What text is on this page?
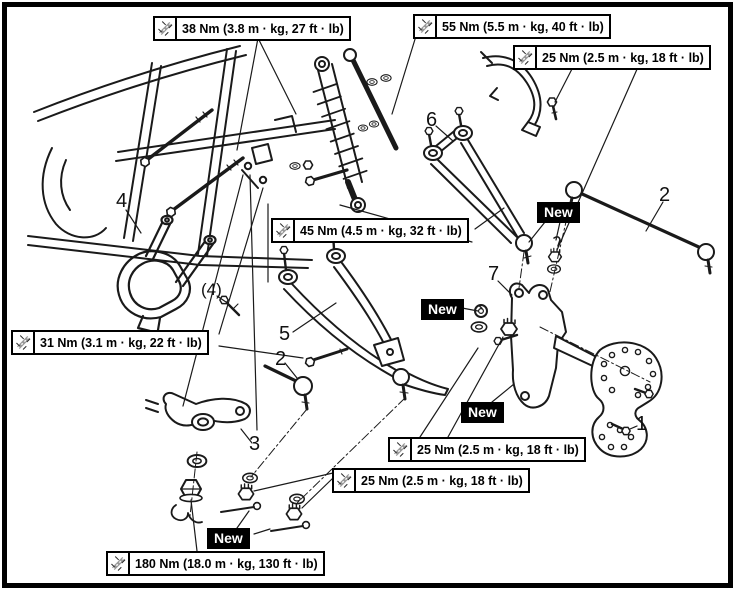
38 Nm (3.8 m · kg, 27 ft · lb)	55 Nm (5.5 m · kg, 40 ft · lb)
25 Nm (2.5 m · kg, 18 ft · lb)
45 Nm (4.5 m · kg, 32 ft · lb)
31 Nm (3.1 m · kg, 22 ft · lb)
25 Nm (2.5 m · kg, 18 ft · lb)
25 Nm (2.5 m · kg, 18 ft · lb)
180 Nm (18.0 m · kg, 130 ft · lb)
New
New
New
New
4
(4)
6
2
7
5
2
3
1
